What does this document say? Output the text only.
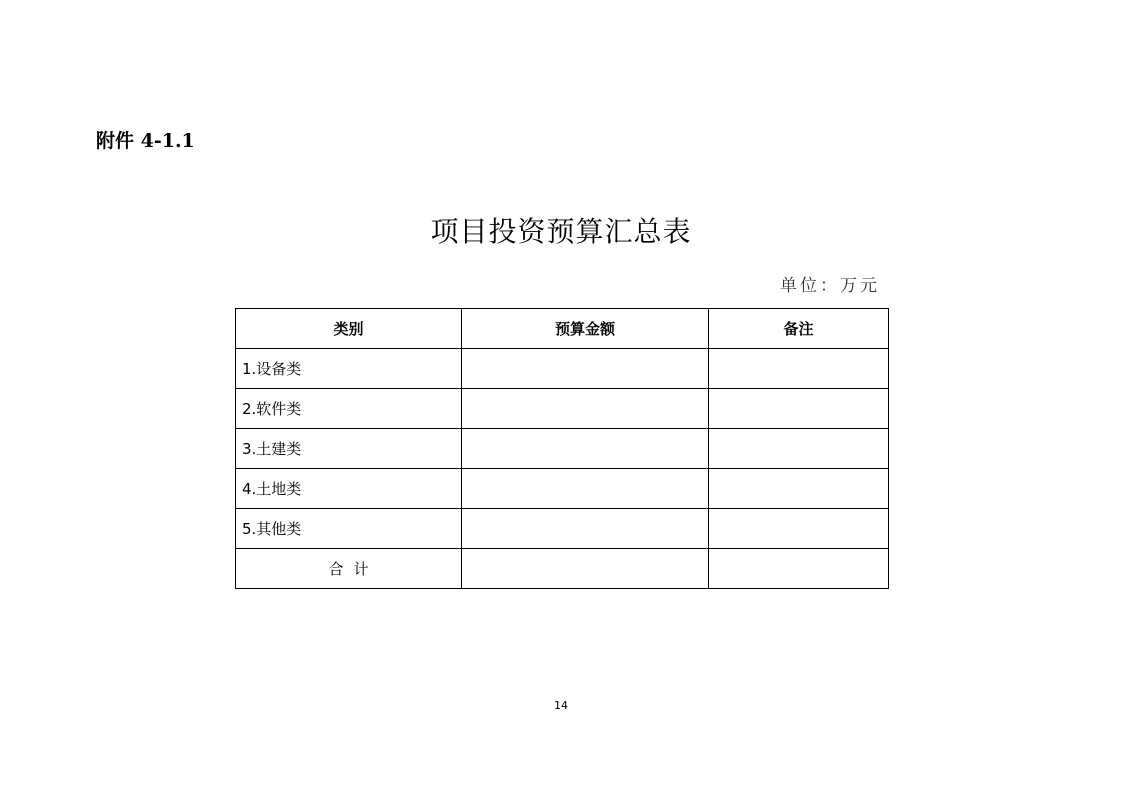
附件 4-1.1
项目投资预算汇总表
单位：万元
类别	预算金额	备注
1.设备类		
2.软件类		
3.土建类		
4.土地类		
5.其他类		
合计		
14
